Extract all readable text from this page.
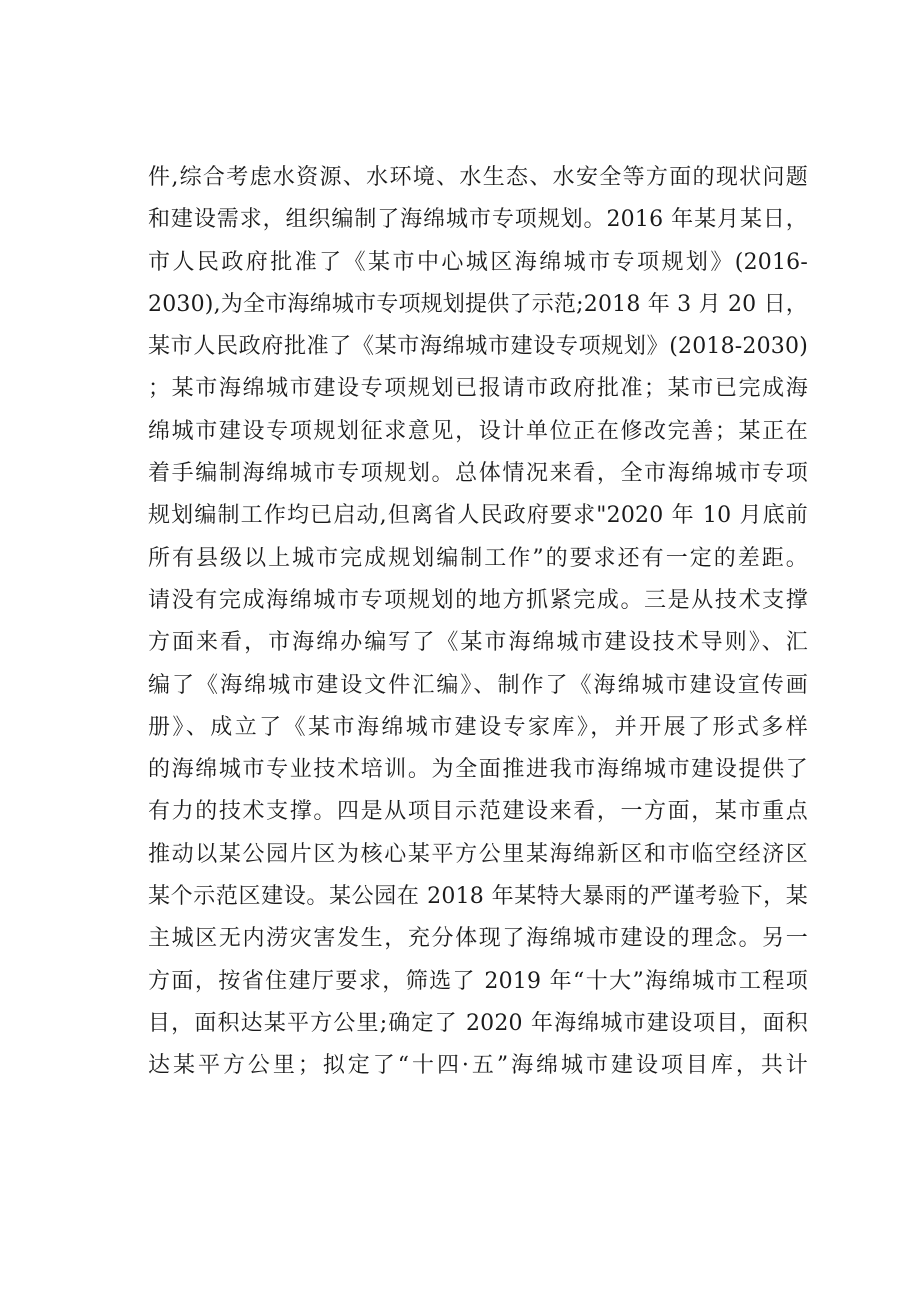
件,综合考虑水资源、水环境、水生态、水安全等方面的现状问题
和建设需求，组织编制了海绵城市专项规划。2016 年某月某日，
市人民政府批准了《某市中心城区海绵城市专项规划》(2016-
2030),为全市海绵城市专项规划提供了示范;2018 年 3 月 20 日，
某市人民政府批准了《某市海绵城市建设专项规划》(2018-2030)
；某市海绵城市建设专项规划已报请市政府批准；某市已完成海
绵城市建设专项规划征求意见，设计单位正在修改完善；某正在
着手编制海绵城市专项规划。总体情况来看，全市海绵城市专项
规划编制工作均已启动,但离省人民政府要求"2020 年 10 月底前
所有县级以上城市完成规划编制工作”的要求还有一定的差距。
请没有完成海绵城市专项规划的地方抓紧完成。三是从技术支撑
方面来看，市海绵办编写了《某市海绵城市建设技术导则》、汇
编了《海绵城市建设文件汇编》、制作了《海绵城市建设宣传画
册》、成立了《某市海绵城市建设专家库》，并开展了形式多样
的海绵城市专业技术培训。为全面推进我市海绵城市建设提供了
有力的技术支撑。四是从项目示范建设来看，一方面，某市重点
推动以某公园片区为核心某平方公里某海绵新区和市临空经济区
某个示范区建设。某公园在 2018 年某特大暴雨的严谨考验下，某
主城区无内涝灾害发生，充分体现了海绵城市建设的理念。另一
方面，按省住建厅要求，筛选了 2019 年“十大”海绵城市工程项
目，面积达某平方公里;确定了 2020 年海绵城市建设项目，面积
达某平方公里；拟定了“十四·五”海绵城市建设项目库，共计
